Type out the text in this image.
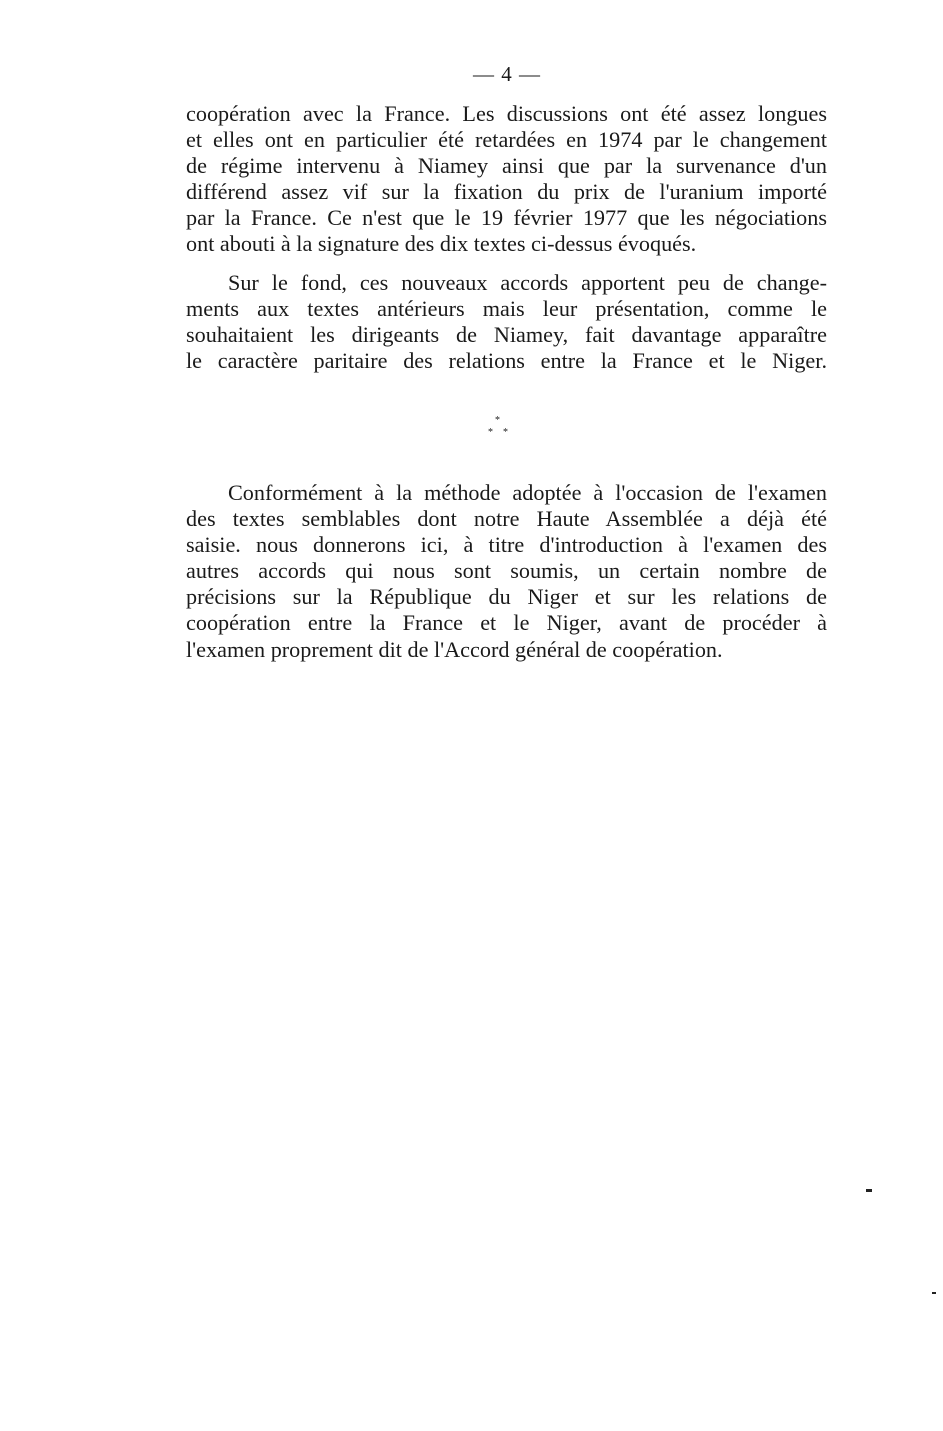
— 4 —
coopération avec la France. Les discussions ont été assez longues
et elles ont en particulier été retardées en 1974 par le changement
de régime intervenu à Niamey ainsi que par la survenance d'un
différend assez vif sur la fixation du prix de l'uranium importé
par la France. Ce n'est que le 19 février 1977 que les négociations
ont abouti à la signature des dix textes ci-dessus évoqués.
Sur le fond, ces nouveaux accords apportent peu de change-
ments aux textes antérieurs mais leur présentation, comme le
souhaitaient les dirigeants de Niamey, fait davantage apparaître
le caractère paritaire des relations entre la France et le Niger.
*
* *
Conformément à la méthode adoptée à l'occasion de l'examen
des textes semblables dont notre Haute Assemblée a déjà été
saisie. nous donnerons ici, à titre d'introduction à l'examen des
autres accords qui nous sont soumis, un certain nombre de
précisions sur la République du Niger et sur les relations de
coopération entre la France et le Niger, avant de procéder à
l'examen proprement dit de l'Accord général de coopération.
